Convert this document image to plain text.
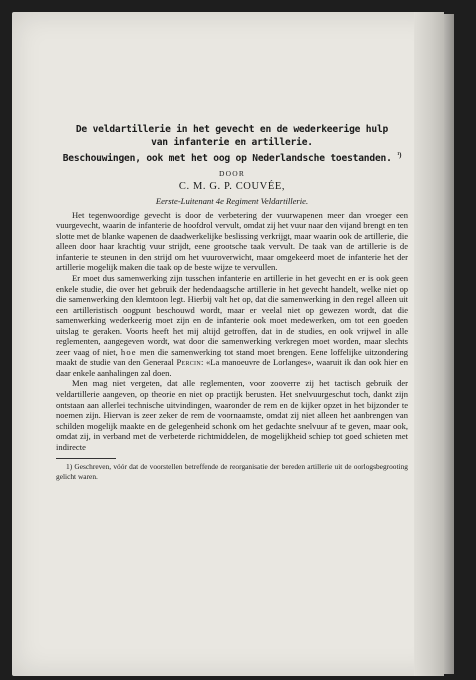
De veldartillerie in het gevecht en de wederkeerige hulp
van infanterie en artillerie.
Beschouwingen, ook met het oog op Nederlandsche toestanden. $^{^1)}$
DOOR
C. M. G. P. COUVÉE,
Eerste-Luitenant 4e Regiment Veldartillerie.

Het tegenwoordige gevecht is door de verbetering der vuurwapenen meer dan vroeger een vuurgevecht, waarin de infanterie de hoofdrol vervult, omdat zij het vuur naar den vijand brengt en ten slotte met de blanke wapenen de daadwerkelijke beslissing verkrijgt, maar waarin ook de artillerie, die alleen door haar krachtig vuur strijdt, eene grootsche taak vervult. De taak van de artillerie is de infanterie te steunen in den strijd om het vuuroverwicht, maar omgekeerd moet de infanterie het der artillerie mogelijk maken die taak op de beste wijze te vervullen.

Er moet dus samenwerking zijn tusschen infanterie en artillerie in het gevecht en er is ook geen enkele studie, die over het gebruik der hedendaagsche artillerie in het gevecht handelt, welke niet op die samenwerking den klemtoon legt. Hierbij valt het op, dat die samenwerking in den regel alleen uit een artilleristisch oogpunt beschouwd wordt, maar er veelal niet op gewezen wordt, dat die samenwerking wederkeerig moet zijn en de infanterie ook moet medewerken, om tot een goeden uitslag te geraken. Voorts heeft het mij altijd getroffen, dat in de studies, en ook vrijwel in alle reglementen, aangegeven wordt, wat door die samenwerking verkregen moet worden, maar slechts zeer vaag of niet, hoe men die samenwerking tot stand moet brengen. Eene loffelijke uitzondering maakt de studie van den Generaal Percin: «La manoeuvre de Lorlanges», waaruit ik dan ook hier en daar enkele aanhalingen zal doen.

Men mag niet vergeten, dat alle reglementen, voor zooverre zij het tactisch gebruik der veldartillerie aangeven, op theorie en niet op practijk berusten. Het snelvuurgeschut toch, dankt zijn ontstaan aan allerlei technische uitvindingen, waaronder de rem en de kijker opzet in het bijzonder te noemen zijn. Hiervan is zeer zeker de rem de voornaamste, omdat zij niet alleen het aanbrengen van schilden mogelijk maakte en de gelegenheid schonk om het gedachte snelvuur af te geven, maar ook, omdat zij, in verband met de verbeterde richtmiddelen, de mogelijkheid schiep tot goed schieten met indirecte

1) Geschreven, vóór dat de voorstellen betreffende de reorganisatie der bereden artillerie uit de oorlogsbegrooting gelicht waren.
